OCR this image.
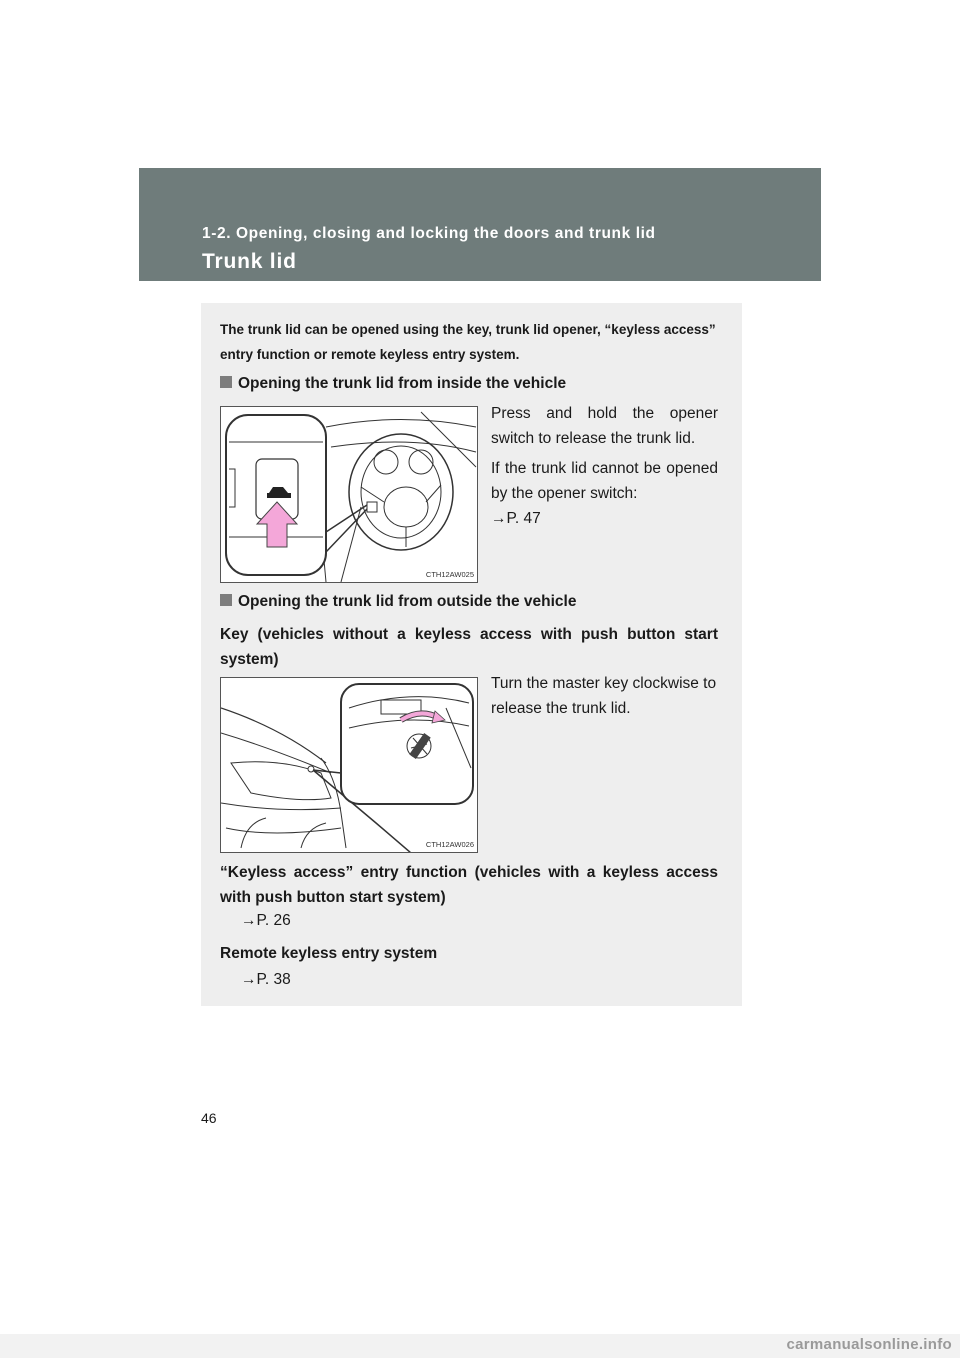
1-2. Opening, closing and locking the doors and trunk lid
Trunk lid
The trunk lid can be opened using the key, trunk lid opener, “keyless access” entry function or remote keyless entry system.
Opening the trunk lid from inside the vehicle
CTH12AW025
Press and hold the opener switch to release the trunk lid.
If the trunk lid cannot be opened by the opener switch:
→P. 47
Opening the trunk lid from outside the vehicle
Key (vehicles without a keyless access with push button start system)
CTH12AW026
Turn the master key clockwise to release the trunk lid.
“Keyless access” entry function (vehicles with a keyless access with push button start system)
→P. 26
Remote keyless entry system
→P. 38
46
carmanualsonline.info
